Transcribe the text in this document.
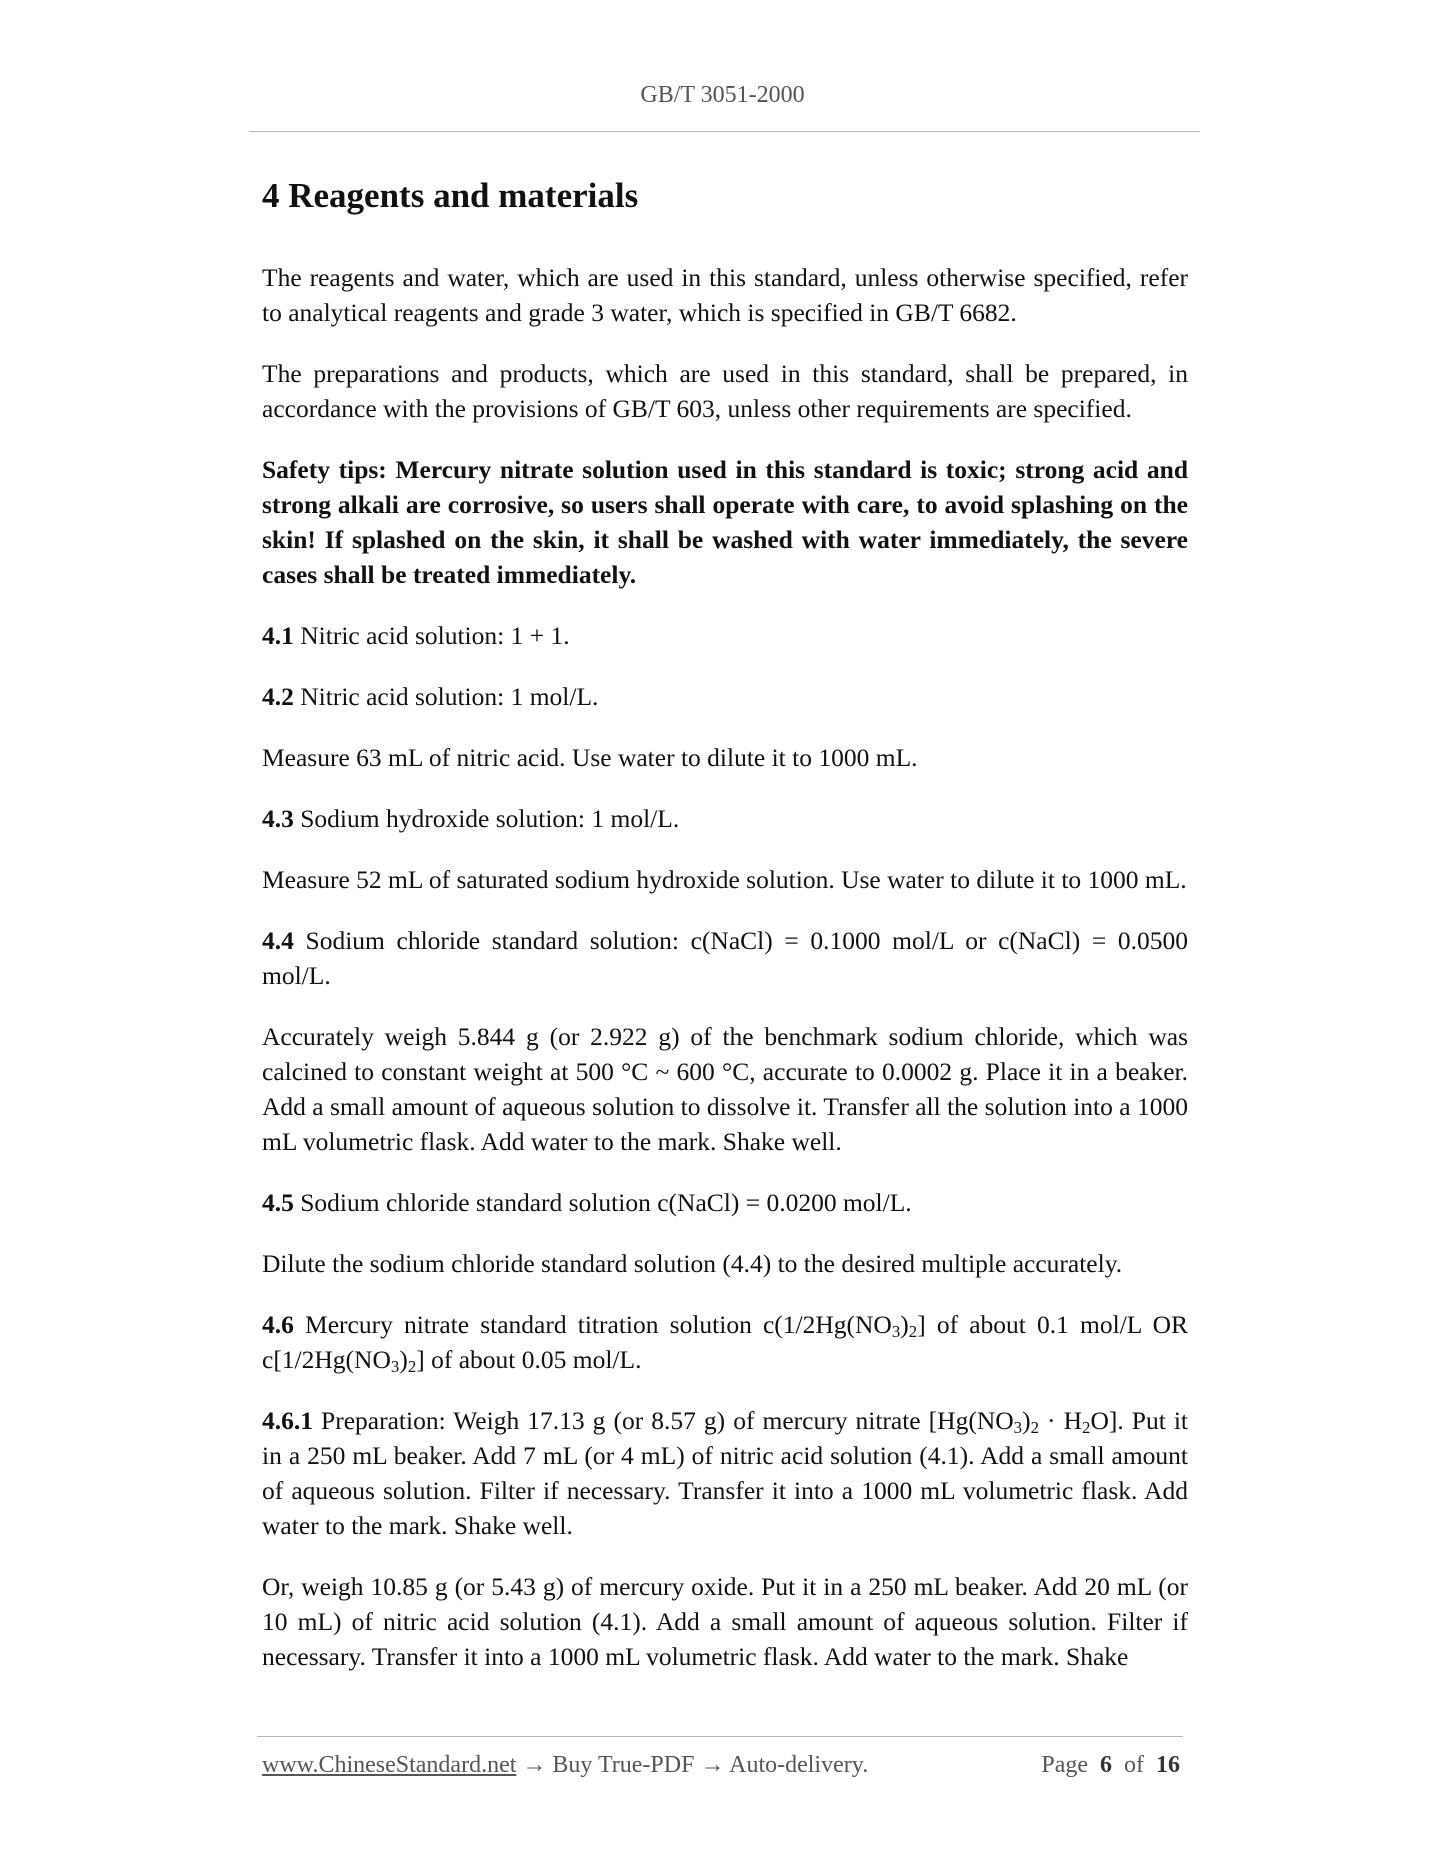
GB/T 3051-2000
4 Reagents and materials

The reagents and water, which are used in this standard, unless otherwise specified, refer to analytical reagents and grade 3 water, which is specified in GB/T 6682.

The preparations and products, which are used in this standard, shall be prepared, in accordance with the provisions of GB/T 603, unless other requirements are specified.

Safety tips: Mercury nitrate solution used in this standard is toxic; strong acid and strong alkali are corrosive, so users shall operate with care, to avoid splashing on the skin! If splashed on the skin, it shall be washed with water immediately, the severe cases shall be treated immediately.

4.1 Nitric acid solution: 1 + 1.

4.2 Nitric acid solution: 1 mol/L.

Measure 63 mL of nitric acid. Use water to dilute it to 1000 mL.

4.3 Sodium hydroxide solution: 1 mol/L.

Measure 52 mL of saturated sodium hydroxide solution. Use water to dilute it to 1000 mL.

4.4 Sodium chloride standard solution: c(NaCl) = 0.1000 mol/L or c(NaCl) = 0.0500 mol/L.

Accurately weigh 5.844 g (or 2.922 g) of the benchmark sodium chloride, which was calcined to constant weight at 500 °C ~ 600 °C, accurate to 0.0002 g. Place it in a beaker. Add a small amount of aqueous solution to dissolve it. Transfer all the solution into a 1000 mL volumetric flask. Add water to the mark. Shake well.

4.5 Sodium chloride standard solution c(NaCl) = 0.0200 mol/L.

Dilute the sodium chloride standard solution (4.4) to the desired multiple accurately.

4.6 Mercury nitrate standard titration solution $c(1/2Hg(NO_3)_2]$ of about 0.1 mol/L OR $c[1/2Hg(NO_3)_2]$ of about 0.05 mol/L.

4.6.1 Preparation: Weigh 17.13 g (or 8.57 g) of mercury nitrate $[Hg(NO_3)_2 \cdot H_2O]$. Put it in a 250 mL beaker. Add 7 mL (or 4 mL) of nitric acid solution (4.1). Add a small amount of aqueous solution. Filter if necessary. Transfer it into a 1000 mL volumetric flask. Add water to the mark. Shake well.

Or, weigh 10.85 g (or 5.43 g) of mercury oxide. Put it in a 250 mL beaker. Add 20 mL (or 10 mL) of nitric acid solution (4.1). Add a small amount of aqueous solution. Filter if necessary. Transfer it into a 1000 mL volumetric flask. Add water to the mark. Shake

www.ChineseStandard.net → Buy True-PDF → Auto-delivery.	Page 6 of 16
